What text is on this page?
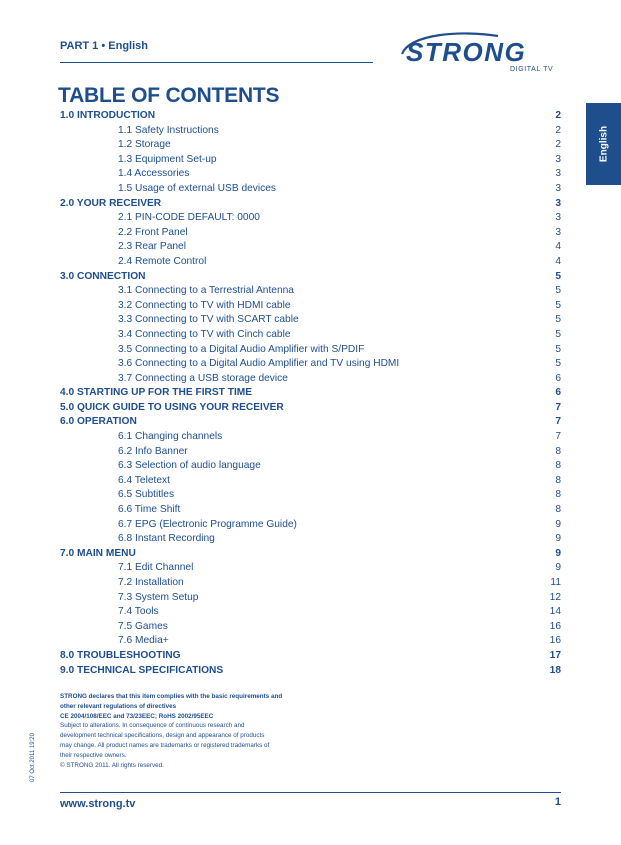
PART 1 • English	STRONG
DIGITAL TV
English
TABLE OF CONTENTS
1.0 INTRODUCTION	2
1.1 Safety Instructions	2
1.2 Storage	2
1.3 Equipment Set-up	3
1.4 Accessories	3
1.5 Usage of external USB devices	3
2.0 YOUR RECEIVER	3
2.1 PIN-CODE DEFAULT: 0000	3
2.2 Front Panel	3
2.3 Rear Panel	4
2.4 Remote Control	4
3.0 CONNECTION	5
3.1 Connecting to a Terrestrial Antenna	5
3.2 Connecting to TV with HDMI cable	5
3.3 Connecting to TV with SCART cable	5
3.4 Connecting to TV with Cinch cable	5
3.5 Connecting to a Digital Audio Amplifier with S/PDIF	5
3.6 Connecting to a Digital Audio Amplifier and TV using HDMI	5
3.7 Connecting a USB storage device	6
4.0 STARTING UP FOR THE FIRST TIME	6
5.0 QUICK GUIDE TO USING YOUR RECEIVER	7
6.0 OPERATION	7
6.1 Changing channels	7
6.2 Info Banner	8
6.3 Selection of audio language	8
6.4 Teletext	8
6.5 Subtitles	8
6.6 Time Shift	8
6.7 EPG (Electronic Programme Guide)	9
6.8 Instant Recording	9
7.0 MAIN MENU	9
7.1 Edit Channel	9
7.2 Installation	11
7.3 System Setup	12
7.4 Tools	14
7.5 Games	16
7.6 Media+	16
8.0 TROUBLESHOOTING	17
9.0 TECHNICAL SPECIFICATIONS	18
STRONG declares that this item complies with the basic requirements and
other relevant regulations of directives
CE 2004/108/EEC and 73/23EEC; RoHS 2002/95EEC
Subject to alterations. In consequence of continuous research and
development technical specifications, design and appearance of products
may change. All product names are trademarks or registered trademarks of
their respective owners.
© STRONG 2011. All rights reserved.
07 Oct 2011 19:20
www.strong.tv	1
